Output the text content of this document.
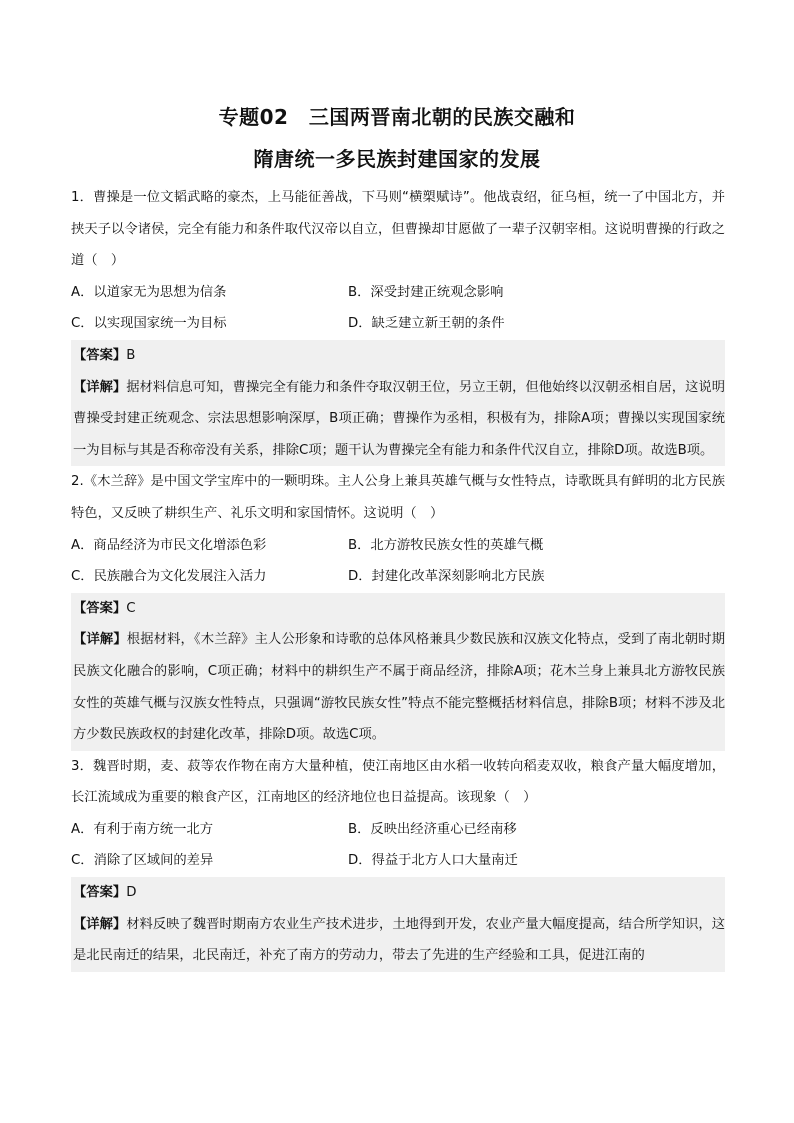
专题02　三国两晋南北朝的民族交融和
隋唐统一多民族封建国家的发展

1．曹操是一位文韬武略的豪杰，上马能征善战，下马则“横槊赋诗”。他战袁绍，征乌桓，统一了中国北方，并挟天子以令诸侯，完全有能力和条件取代汉帝以自立，但曹操却甘愿做了一辈子汉朝宰相。这说明曹操的行政之道（　）

A．以道家无为思想为信条	B．深受封建正统观念影响
C．以实现国家统一为目标	D．缺乏建立新王朝的条件

【答案】B

【详解】据材料信息可知，曹操完全有能力和条件夺取汉朝王位，另立王朝，但他始终以汉朝丞相自居，这说明曹操受封建正统观念、宗法思想影响深厚，B项正确；曹操作为丞相，积极有为，排除A项；曹操以实现国家统一为目标与其是否称帝没有关系，排除C项；题干认为曹操完全有能力和条件代汉自立，排除D项。故选B项。

2.《木兰辞》是中国文学宝库中的一颗明珠。主人公身上兼具英雄气概与女性特点，诗歌既具有鲜明的北方民族特色，又反映了耕织生产、礼乐文明和家国情怀。这说明（　）

A．商品经济为市民文化增添色彩	B．北方游牧民族女性的英雄气概
C．民族融合为文化发展注入活力	D．封建化改革深刻影响北方民族

【答案】C

【详解】根据材料，《木兰辞》主人公形象和诗歌的总体风格兼具少数民族和汉族文化特点，受到了南北朝时期民族文化融合的影响，C项正确；材料中的耕织生产不属于商品经济，排除A项；花木兰身上兼具北方游牧民族女性的英雄气概与汉族女性特点，只强调“游牧民族女性”特点不能完整概括材料信息，排除B项；材料不涉及北方少数民族政权的封建化改革，排除D项。故选C项。

3．魏晋时期，麦、菽等农作物在南方大量种植，使江南地区由水稻一收转向稻麦双收，粮食产量大幅度增加，长江流域成为重要的粮食产区，江南地区的经济地位也日益提高。该现象（　）

A．有利于南方统一北方	B．反映出经济重心已经南移
C．消除了区域间的差异	D．得益于北方人口大量南迁

【答案】D

【详解】材料反映了魏晋时期南方农业生产技术进步，土地得到开发，农业产量大幅度提高，结合所学知识，这是北民南迁的结果，北民南迁，补充了南方的劳动力，带去了先进的生产经验和工具，促进江南的
